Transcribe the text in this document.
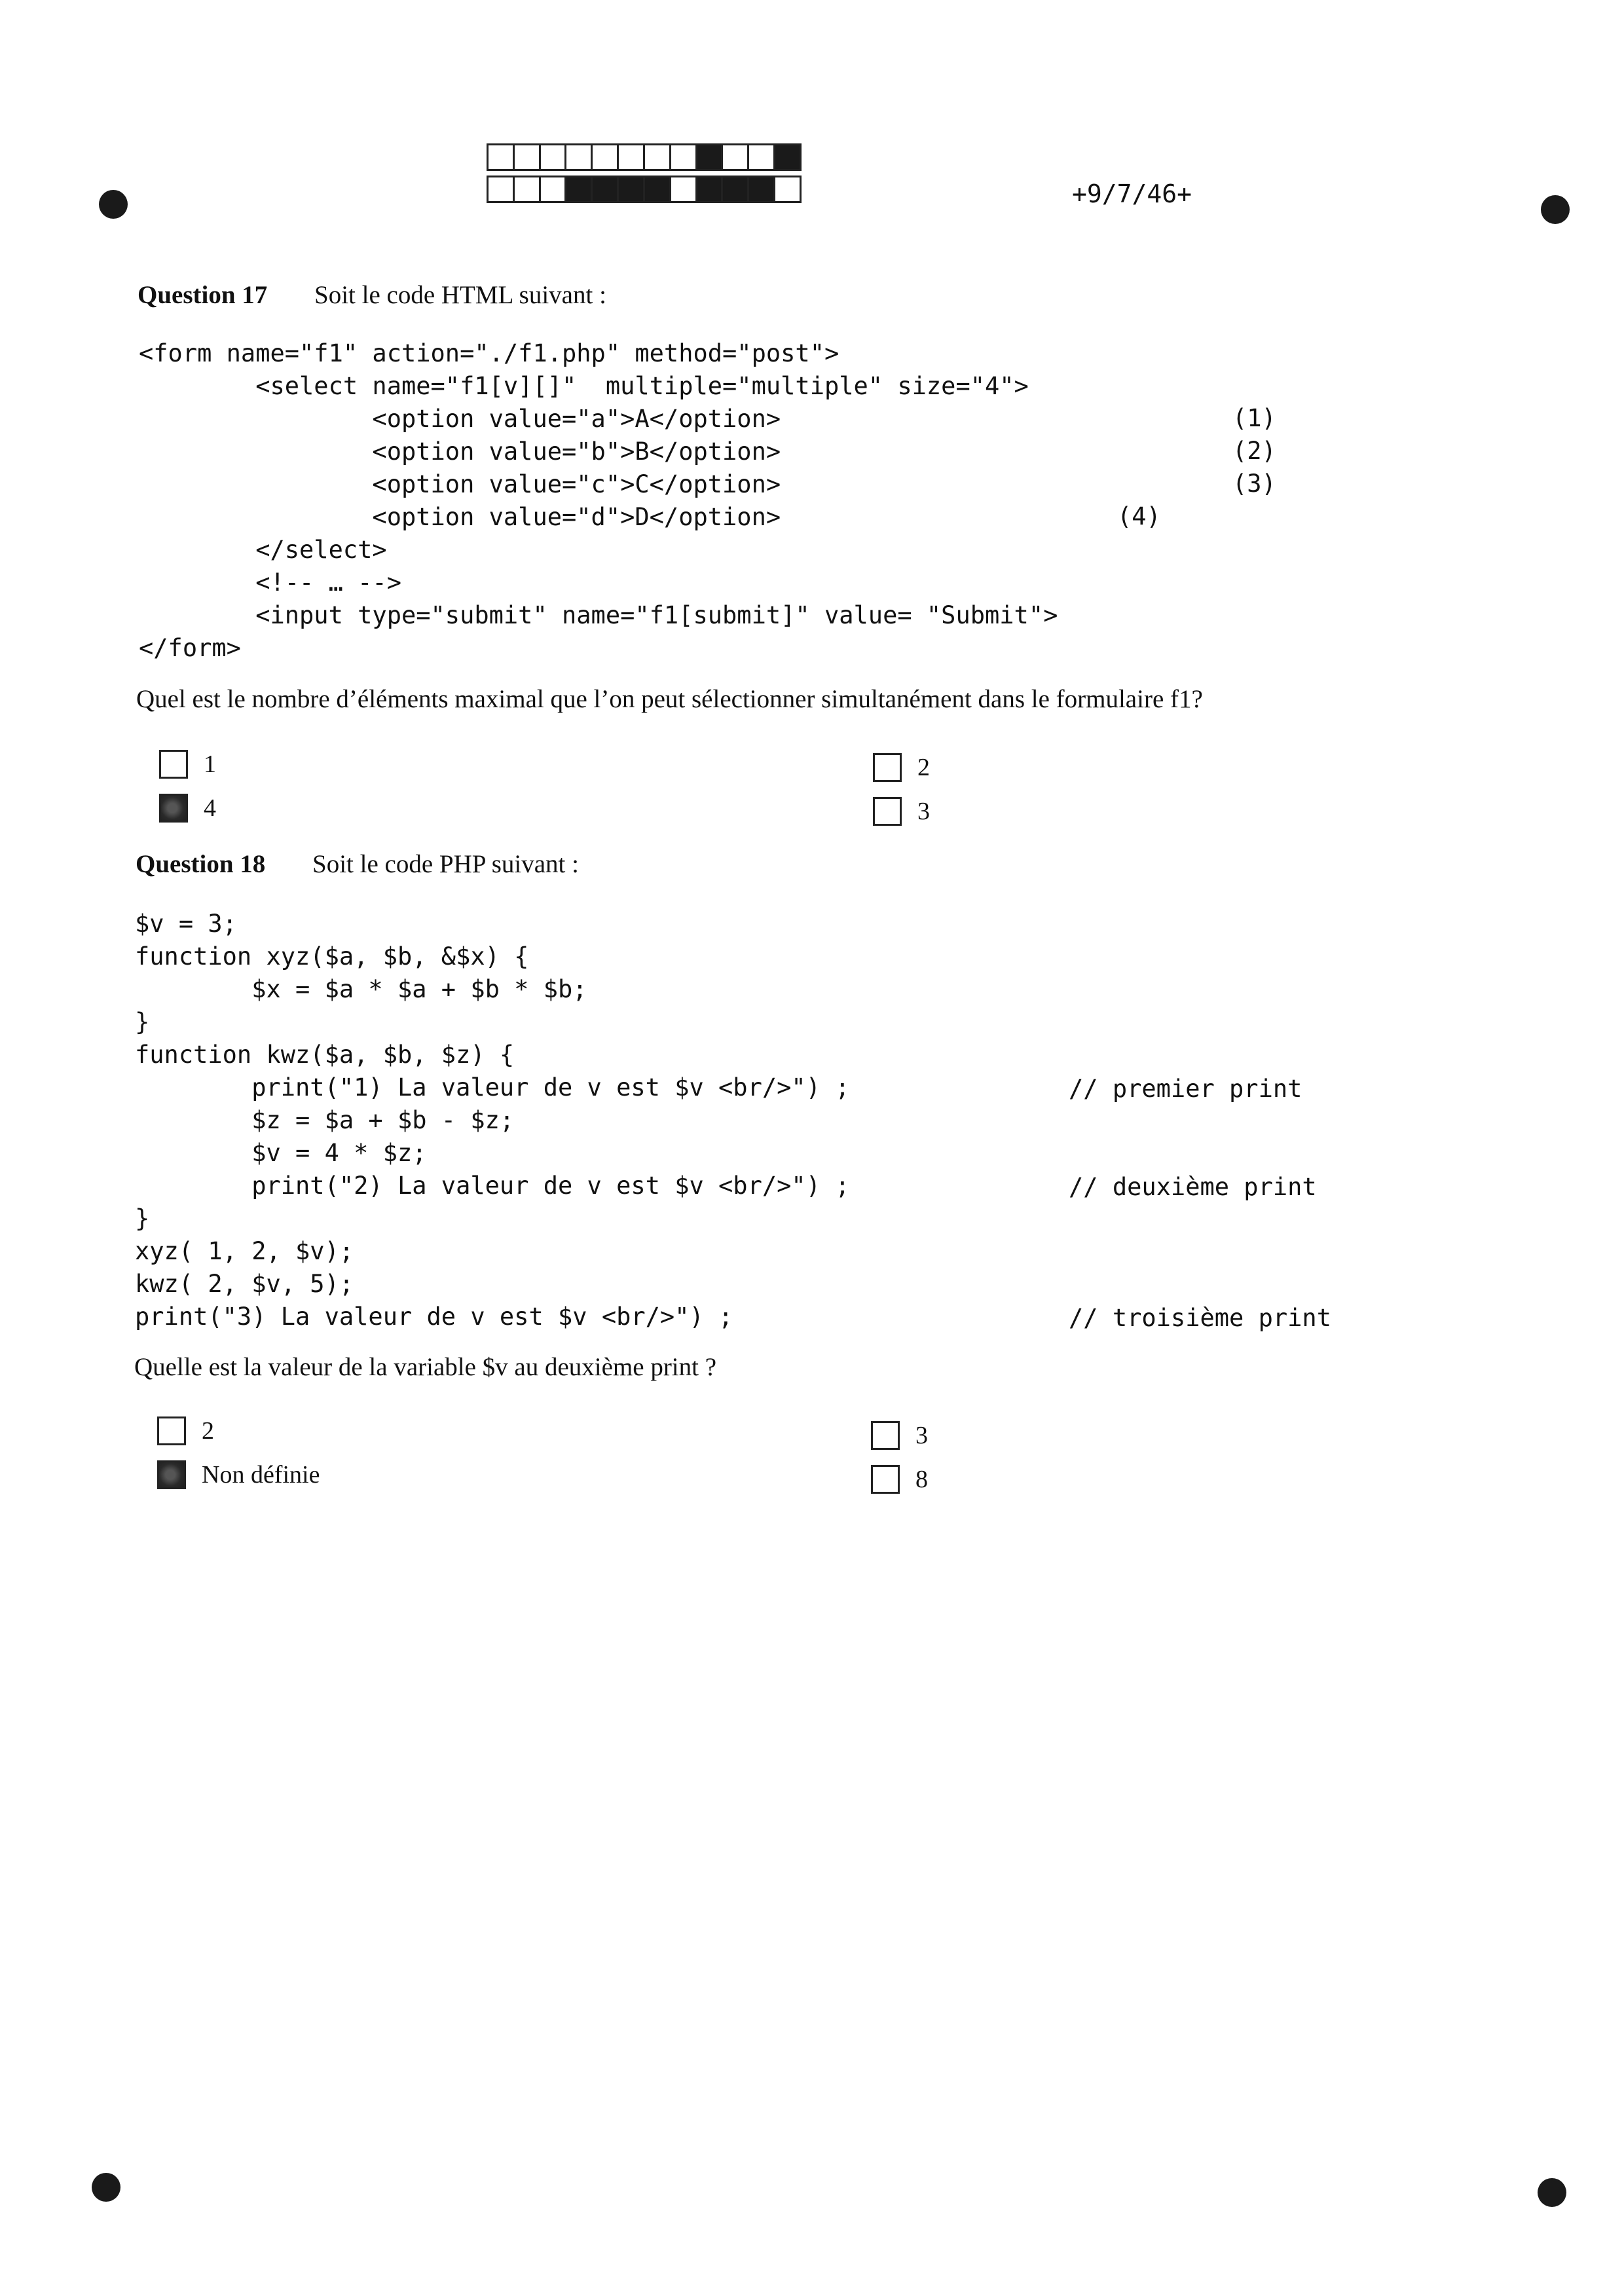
+9/7/46+
Question 17 Soit le code HTML suivant :
<form name="f1" action="./f1.php" method="post">
<select name="f1[v][]"  multiple="multiple" size="4">
<option value="a">A</option>
<option value="b">B</option>
<option value="c">C</option>
<option value="d">D</option>
</select>
<!-- … -->
<input type="submit" name="f1[submit]" value= "Submit">
</form>
(1)
(2)
(3)
(4)
Quel est le nombre d’éléments maximal que l’on peut sélectionner simultanément dans le formulaire f1?
1	2
4	3
Question 18 Soit le code PHP suivant :
$v = 3;
function xyz($a, $b, &$x) {
$x = $a * $a + $b * $b;
}
function kwz($a, $b, $z) {
print("1) La valeur de v est $v <br/>") ;
$z = $a + $b - $z;
$v = 4 * $z;
print("2) La valeur de v est $v <br/>") ;
}
xyz( 1, 2, $v);
kwz( 2, $v, 5);
print("3) La valeur de v est $v <br/>") ;
// premier print
// deuxième print
// troisième print
Quelle est la valeur de la variable $v au deuxième print ?
2	3
Non définie	8
